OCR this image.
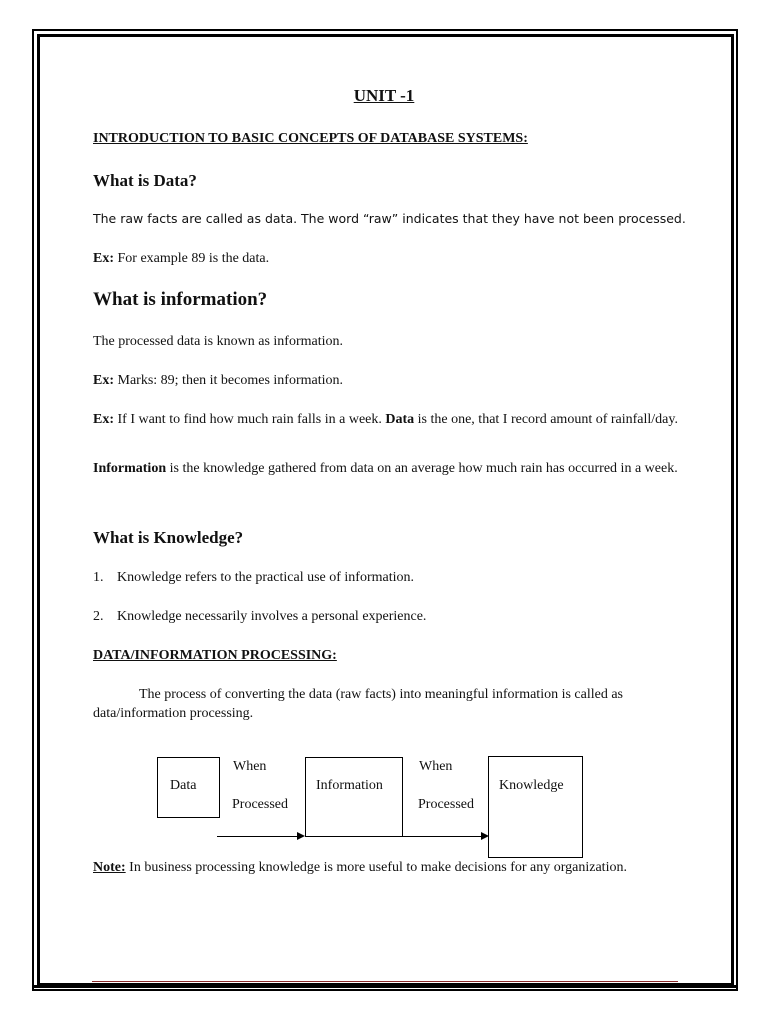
UNIT -1

INTRODUCTION TO BASIC CONCEPTS OF DATABASE SYSTEMS:

What is Data?

The raw facts are called as data. The word “raw” indicates that they have not been processed.

Ex: For example 89 is the data.

What is information?

The processed data is known as information.

Ex: Marks: 89; then it becomes information.

Ex: If I want to find how much rain falls in a week. Data is the one, that I record amount of rainfall/day.

Information is the knowledge gathered from data on an average how much rain has occurred in a week.

What is Knowledge?

1. Knowledge refers to the practical use of information.

2. Knowledge necessarily involves a personal experience.

DATA/INFORMATION PROCESSING:

The process of converting the data (raw facts) into meaningful information is called as data/information processing.

Data
When
Processed
Information
When
Processed
Knowledge

Note: In business processing knowledge is more useful to make decisions for any organization.
